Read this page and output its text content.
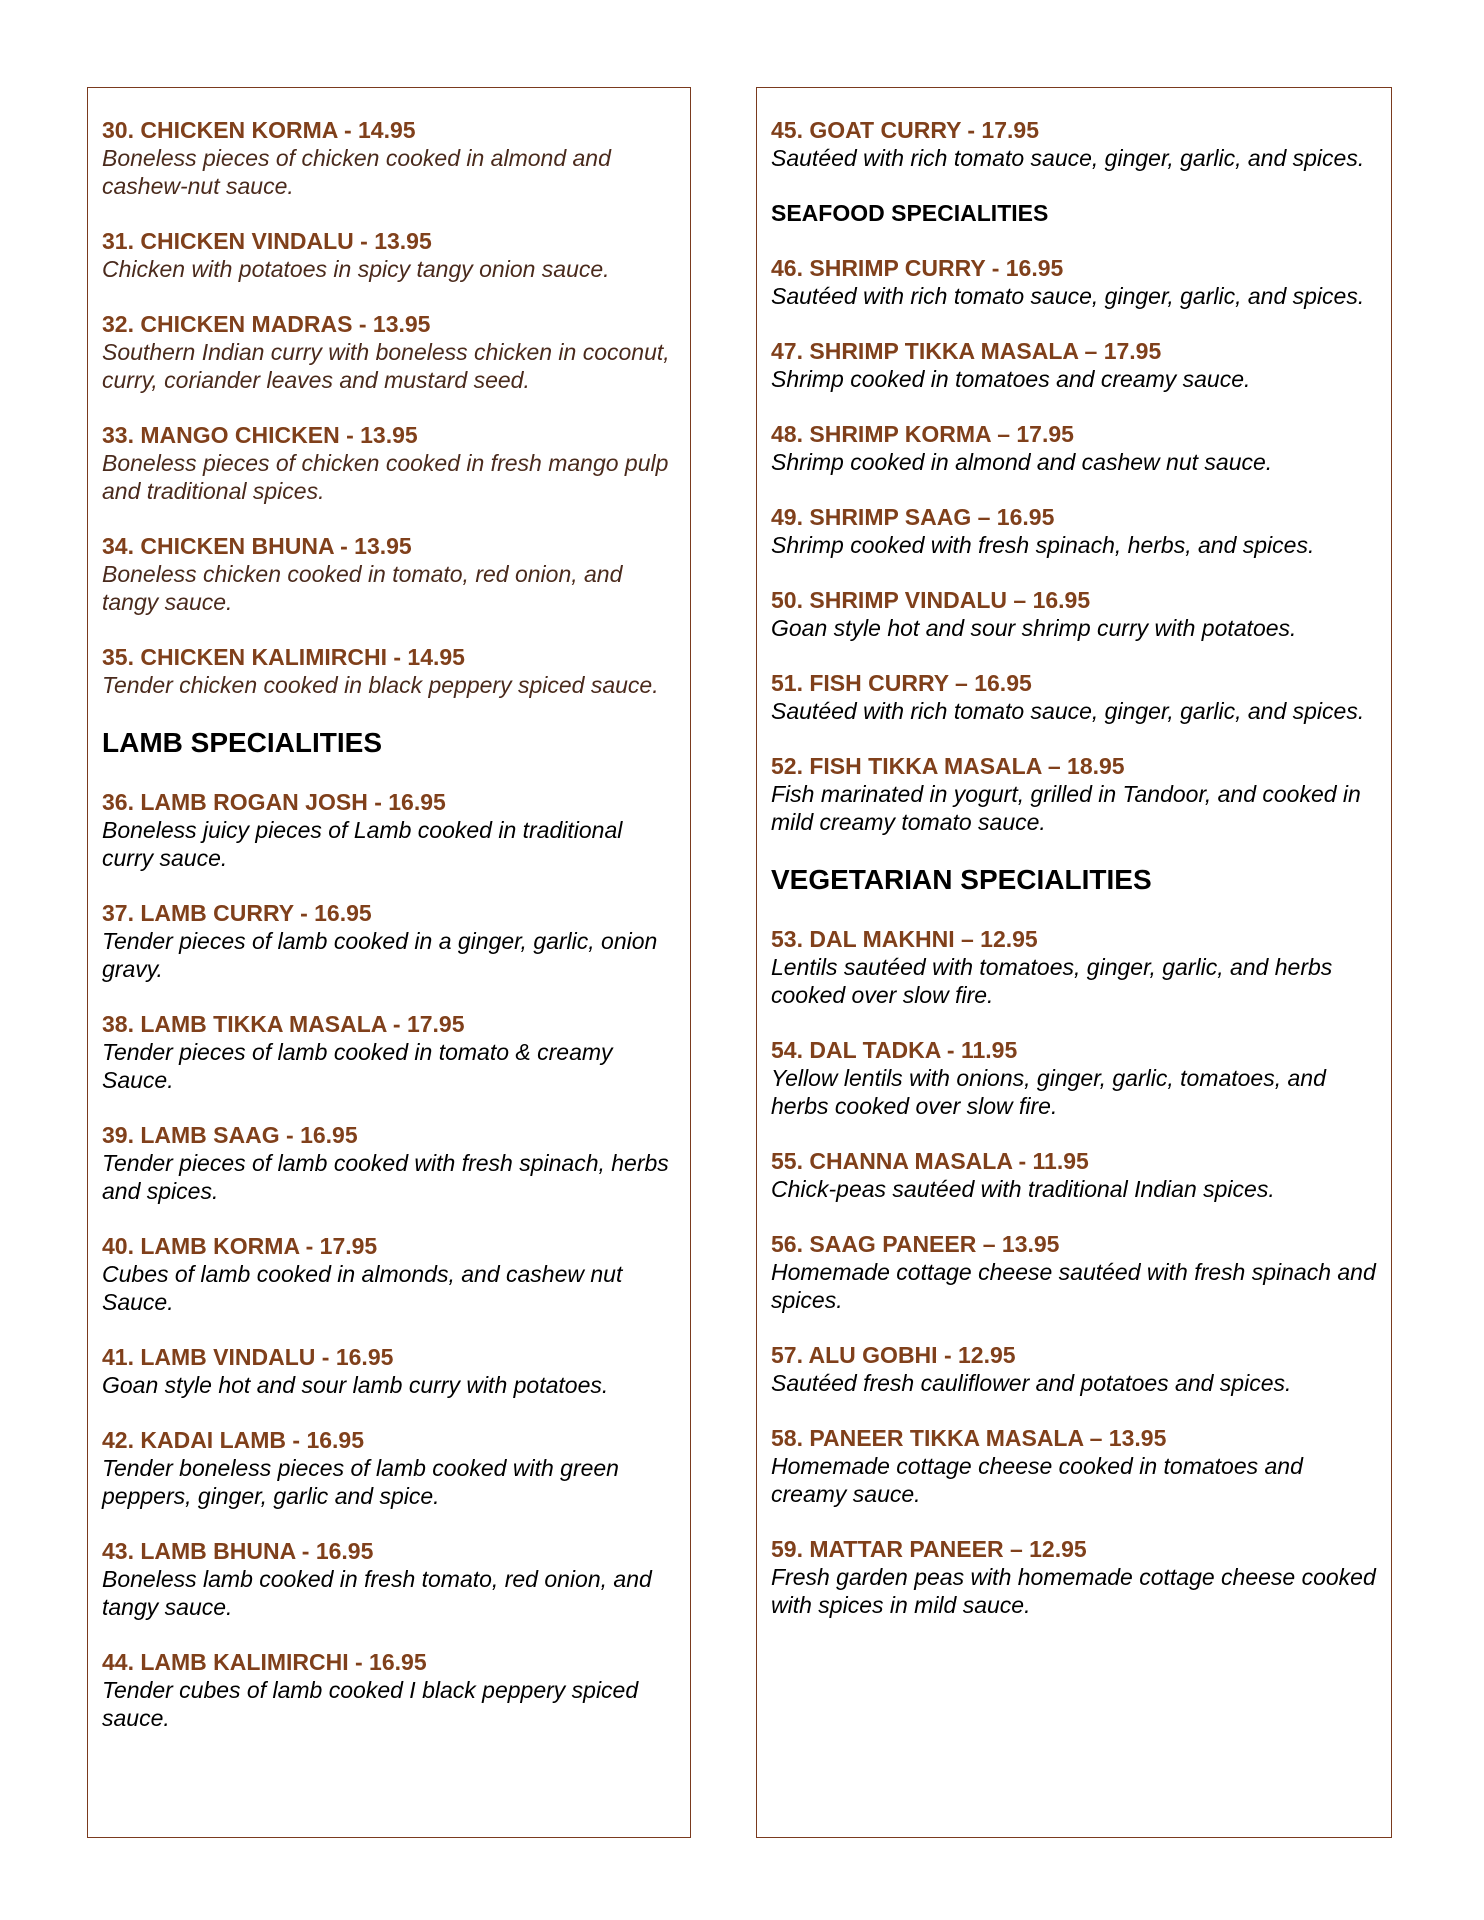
30. CHICKEN KORMA - 14.95
Boneless pieces of chicken cooked in almond and cashew-nut sauce.
31. CHICKEN VINDALU - 13.95
Chicken with potatoes in spicy tangy onion sauce.
32. CHICKEN MADRAS - 13.95
Southern Indian curry with boneless chicken in coconut, curry, coriander leaves and mustard seed.
33. MANGO CHICKEN - 13.95
Boneless pieces of chicken cooked in fresh mango pulp and traditional spices.
34. CHICKEN BHUNA - 13.95
Boneless chicken cooked in tomato, red onion, and tangy sauce.
35. CHICKEN KALIMIRCHI - 14.95
Tender chicken cooked in black peppery spiced sauce.
LAMB SPECIALITIES
36. LAMB ROGAN JOSH - 16.95
Boneless juicy pieces of Lamb cooked in traditional curry sauce.
37. LAMB CURRY - 16.95
Tender pieces of lamb cooked in a ginger, garlic, onion gravy.
38. LAMB TIKKA MASALA - 17.95
Tender pieces of lamb cooked in tomato & creamy Sauce.
39. LAMB SAAG - 16.95
Tender pieces of lamb cooked with fresh spinach, herbs and spices.
40. LAMB KORMA - 17.95
Cubes of lamb cooked in almonds, and cashew nut Sauce.
41. LAMB VINDALU - 16.95
Goan style hot and sour lamb curry with potatoes.
42. KADAI LAMB - 16.95
Tender boneless pieces of lamb cooked with green peppers, ginger, garlic and spice.
43. LAMB BHUNA - 16.95
Boneless lamb cooked in fresh tomato, red onion, and tangy sauce.
44. LAMB KALIMIRCHI - 16.95
Tender cubes of lamb cooked I black peppery spiced sauce.
45. GOAT CURRY - 17.95
Sautéed with rich tomato sauce, ginger, garlic, and spices.
SEAFOOD SPECIALITIES
46. SHRIMP CURRY - 16.95
Sautéed with rich tomato sauce, ginger, garlic, and spices.
47. SHRIMP TIKKA MASALA – 17.95
Shrimp cooked in tomatoes and creamy sauce.
48. SHRIMP KORMA – 17.95
Shrimp cooked in almond and cashew nut sauce.
49. SHRIMP SAAG – 16.95
Shrimp cooked with fresh spinach, herbs, and spices.
50. SHRIMP VINDALU – 16.95
Goan style hot and sour shrimp curry with potatoes.
51. FISH CURRY – 16.95
Sautéed with rich tomato sauce, ginger, garlic, and spices.
52. FISH TIKKA MASALA – 18.95
Fish marinated in yogurt, grilled in Tandoor, and cooked in mild creamy tomato sauce.
VEGETARIAN SPECIALITIES
53. DAL MAKHNI – 12.95
Lentils sautéed with tomatoes, ginger, garlic, and herbs cooked over slow fire.
54. DAL TADKA - 11.95
Yellow lentils with onions, ginger, garlic, tomatoes, and herbs cooked over slow fire.
55. CHANNA MASALA - 11.95
Chick-peas sautéed with traditional Indian spices.
56. SAAG PANEER – 13.95
Homemade cottage cheese sautéed with fresh spinach and spices.
57. ALU GOBHI - 12.95
Sautéed fresh cauliflower and potatoes and spices.
58. PANEER TIKKA MASALA – 13.95
Homemade cottage cheese cooked in tomatoes and creamy sauce.
59. MATTAR PANEER – 12.95
Fresh garden peas with homemade cottage cheese cooked with spices in mild sauce.
